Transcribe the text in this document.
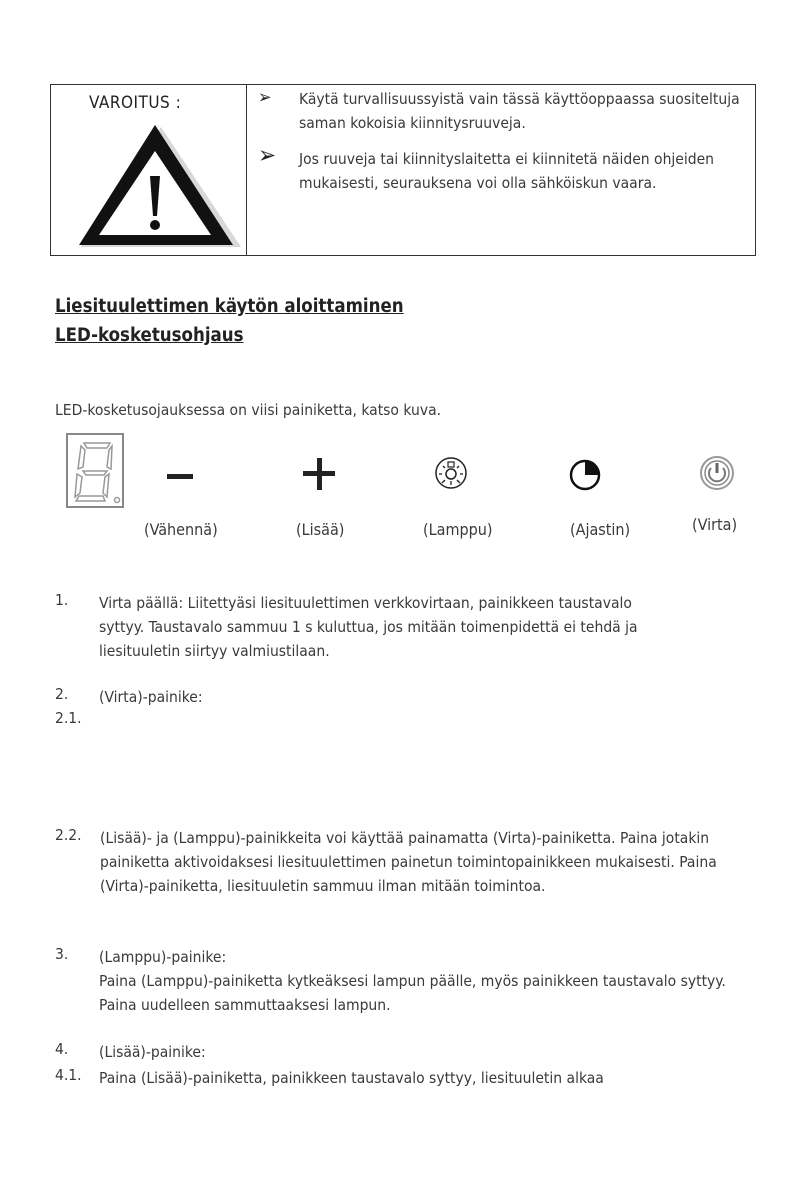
VAROITUS :	➢ Käytä turvallisuussyistä vain tässä käyttöoppaassa suositeltuja saman kokoisia kiinnitysruuveja.
➢ Jos ruuveja tai kiinnityslaitetta ei kiinnitetä näiden ohjeiden mukaisesti, seurauksena voi olla sähköiskun vaara.
Liesituulettimen käytön aloittaminen
LED-kosketusohjaus
LED-kosketusojauksessa on viisi painiketta, katso kuva.
(Vähennä)	(Lisää)	(Lamppu)	(Ajastin)	(Virta)
1. Virta päällä: Liitettyäsi liesituulettimen verkkovirtaan, painikkeen taustavalo syttyy. Taustavalo sammuu 1 s kuluttua, jos mitään toimenpidettä ei tehdä ja liesituuletin siirtyy valmiustilaan.
2. (Virta)-painike:
2.1.
2.2. (Lisää)- ja (Lamppu)-painikkeita voi käyttää painamatta (Virta)-painiketta. Paina jotakin painiketta aktivoidaksesi liesituulettimen painetun toimintopainikkeen mukaisesti. Paina (Virta)-painiketta, liesituuletin sammuu ilman mitään toimintoa.
3. (Lamppu)-painike:
Paina (Lamppu)-painiketta kytkeäksesi lampun päälle, myös painikkeen taustavalo syttyy. Paina uudelleen sammuttaaksesi lampun.
4. (Lisää)-painike:
4.1. Paina (Lisää)-painiketta, painikkeen taustavalo syttyy, liesituuletin alkaa
